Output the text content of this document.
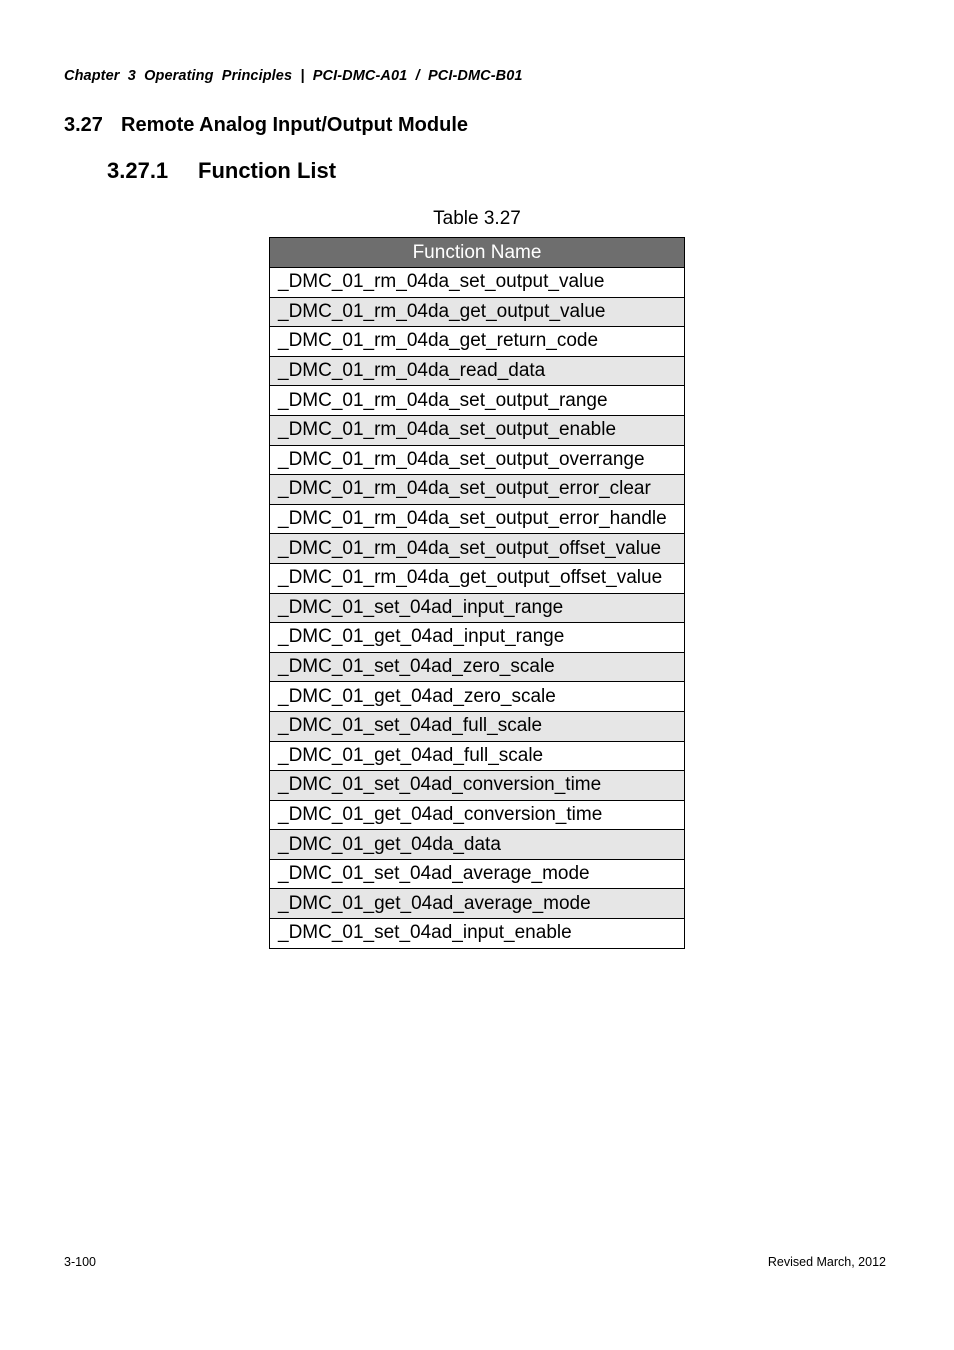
Chapter  3  Operating  Principles  |  PCI-DMC-A01  /  PCI-DMC-B01
3.27 Remote Analog Input/Output Module
3.27.1 Function List
Table 3.27
Function Name
_DMC_01_rm_04da_set_output_value
_DMC_01_rm_04da_get_output_value
_DMC_01_rm_04da_get_return_code
_DMC_01_rm_04da_read_data
_DMC_01_rm_04da_set_output_range
_DMC_01_rm_04da_set_output_enable
_DMC_01_rm_04da_set_output_overrange
_DMC_01_rm_04da_set_output_error_clear
_DMC_01_rm_04da_set_output_error_handle
_DMC_01_rm_04da_set_output_offset_value
_DMC_01_rm_04da_get_output_offset_value
_DMC_01_set_04ad_input_range
_DMC_01_get_04ad_input_range
_DMC_01_set_04ad_zero_scale
_DMC_01_get_04ad_zero_scale
_DMC_01_set_04ad_full_scale
_DMC_01_get_04ad_full_scale
_DMC_01_set_04ad_conversion_time
_DMC_01_get_04ad_conversion_time
_DMC_01_get_04da_data
_DMC_01_set_04ad_average_mode
_DMC_01_get_04ad_average_mode
_DMC_01_set_04ad_input_enable
3-100	Revised March, 2012
